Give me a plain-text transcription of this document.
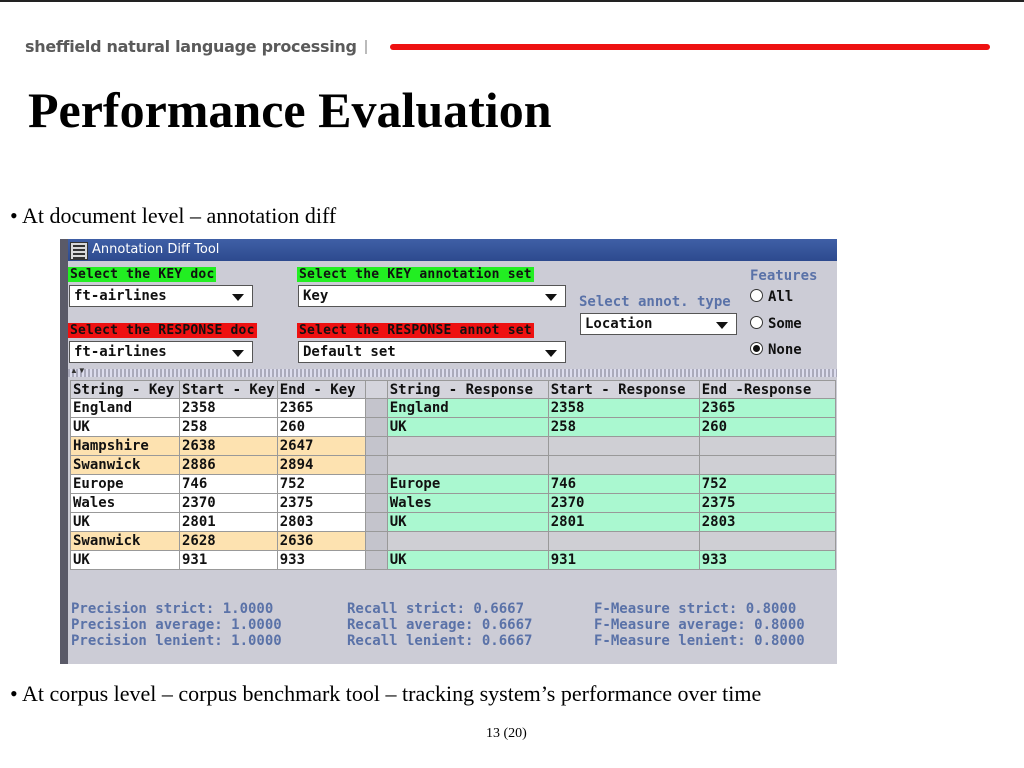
sheffield natural language processing
Performance Evaluation
• At document level – annotation diff
Annotation Diff Tool
Select the KEY doc
ft-airlines
Select the KEY annotation set
Key
Select the RESPONSE doc
ft-airlines
Select the RESPONSE annot set
Default set
Select annot. type
Location
Features
All
Some
None
▲▼
String - Key	Start - Key	End - Key		String - Response	Start - Response	End -Response
England	2358	2365		England	2358	2365
UK	258	260		UK	258	260
Hampshire	2638	2647				
Swanwick	2886	2894				
Europe	746	752		Europe	746	752
Wales	2370	2375		Wales	2370	2375
UK	2801	2803		UK	2801	2803
Swanwick	2628	2636				
UK	931	933		UK	931	933
Precision strict: 1.0000
Precision average: 1.0000
Precision lenient: 1.0000
Recall strict: 0.6667
Recall average: 0.6667
Recall lenient: 0.6667
F-Measure strict: 0.8000
F-Measure average: 0.8000
F-Measure lenient: 0.8000
• At corpus level – corpus benchmark tool – tracking system’s performance over time
13 (20)
